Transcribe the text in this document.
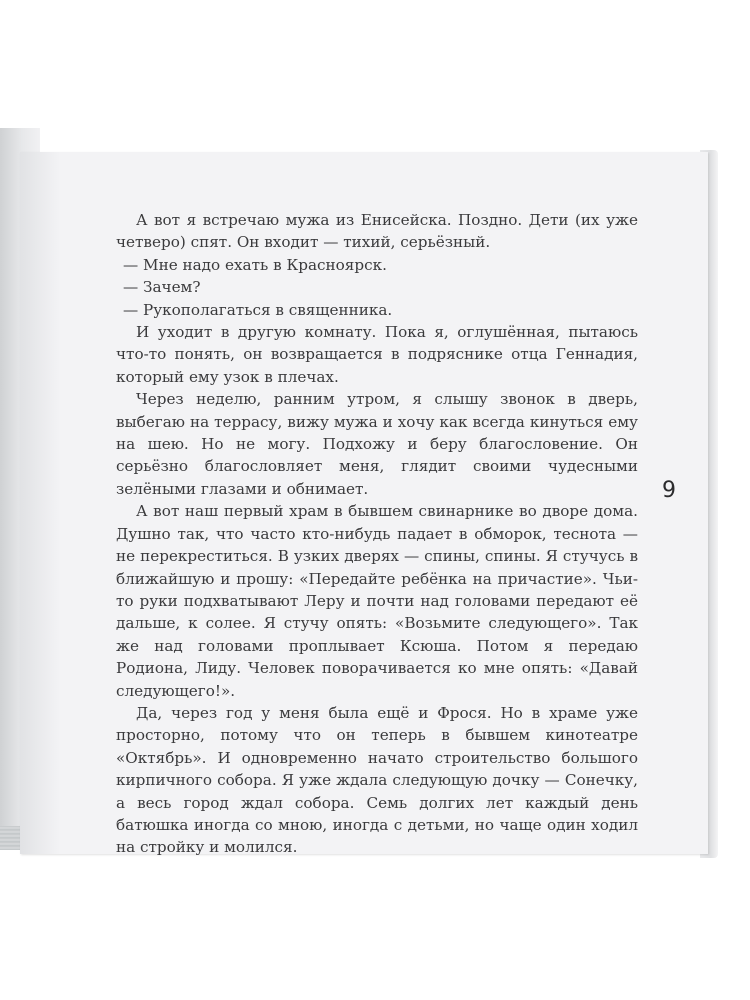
А вот я встречаю мужа из Енисейска. Поздно. Дети (их уже четверо) спят. Он входит — тихий, серьёзный.

— Мне надо ехать в Красноярск.

— Зачем?

— Рукополагаться в священника.

И уходит в другую комнату. Пока я, оглушённая, пытаюсь что-то понять, он возвращается в подряснике отца Геннадия, который ему узок в плечах.

Через неделю, ранним утром, я слышу звонок в дверь, выбегаю на террасу, вижу мужа и хочу как всегда кинуться ему на шею. Но не могу. Подхожу и беру благословение. Он серьёзно благословляет меня, глядит своими чудесными зелёными глазами и обнимает.

А вот наш первый храм в бывшем свинарнике во дворе дома. Душно так, что часто кто-нибудь падает в обморок, теснота — не перекреститься. В узких дверях — спины, спины. Я стучусь в ближайшую и прошу: «Передайте ребёнка на причастие». Чьи-то руки подхватывают Леру и почти над головами передают её дальше, к солее. Я стучу опять: «Возьмите следующего». Так же над головами проплывает Ксюша. Потом я передаю Родиона, Лиду. Человек поворачивается ко мне опять: «Давай следующего!».

Да, через год у меня была ещё и Фрося. Но в храме уже просторно, потому что он теперь в бывшем кинотеатре «Октябрь». И одновременно начато строительство большого кирпичного собора. Я уже ждала следующую дочку — Сонечку, а весь город ждал собора. Семь долгих лет каждый день батюшка иногда со мною, иногда с детьми, но чаще один ходил на стройку и молился.

9
